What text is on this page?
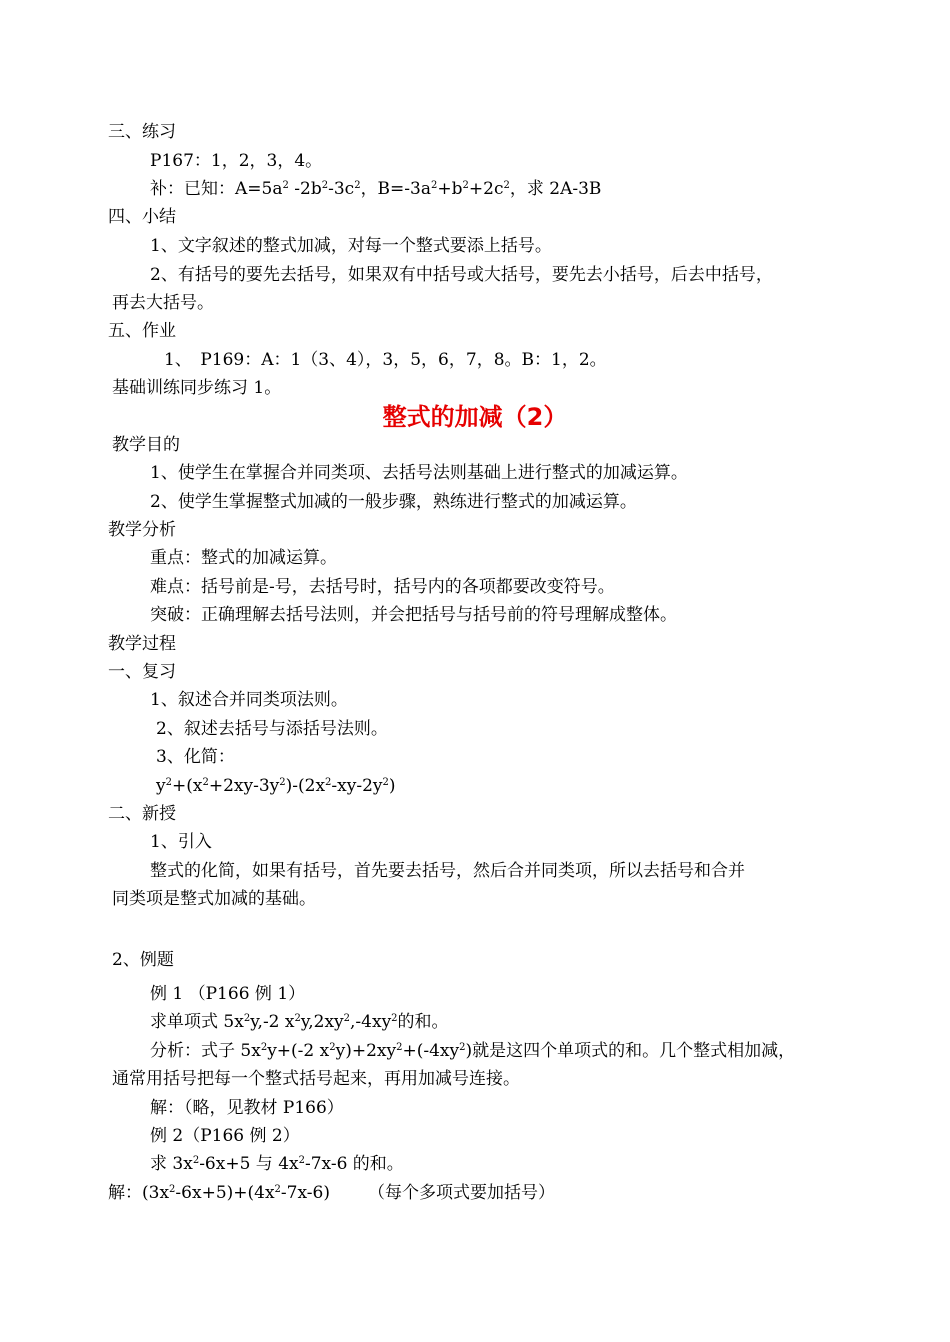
三、练习
P167：1，2，3，4。
补：已知：$A=5a^2$ $-2b^2-3c^2$，$B=-3a^2+b^2+2c^2$，求 2A-3B
四、小结
1、文字叙述的整式加减，对每一个整式要添上括号。
2、有括号的要先去括号，如果双有中括号或大括号，要先去小括号，后去中括号，
再去大括号。
五、作业
1、　P169：A：1（3、4），3，5，6，7，8。B：1，2。
基础训练同步练习 1。
整式的加减（2）
教学目的
1、使学生在掌握合并同类项、去括号法则基础上进行整式的加减运算。
2、使学生掌握整式加减的一般步骤，熟练进行整式的加减运算。
教学分析
重点：整式的加减运算。
难点：括号前是-号，去括号时，括号内的各项都要改变符号。
突破：正确理解去括号法则，并会把括号与括号前的符号理解成整体。
教学过程
一、复习
1、叙述合并同类项法则。
2、叙述去括号与添括号法则。
3、化简：
$y^2+(x^2+2xy-3y^2)-(2x^2-xy-2y^2)$
二、新授
1、引入
整式的化简，如果有括号，首先要去括号，然后合并同类项，所以去括号和合并
同类项是整式加减的基础。
2、例题
例 1 （P166 例 1）
求单项式 $5x^2y,-2$ $x^2y,2xy^2,-4xy^2$的和。
分析：式子 $5x^2y+(-2$ $x^2y)+2xy^2+(-4xy^2)$就是这四个单项式的和。几个整式相加减，
通常用括号把每一个整式括号起来，再用加减号连接。
解：（略，见教材 P166）
例 2（P166 例 2）
求 $3x^2-6x+5$ 与 $4x^2-7x-6$ 的和。
解：$(3x^2-6x+5)+(4x^2-7x-6)$ （每个多项式要加括号）
